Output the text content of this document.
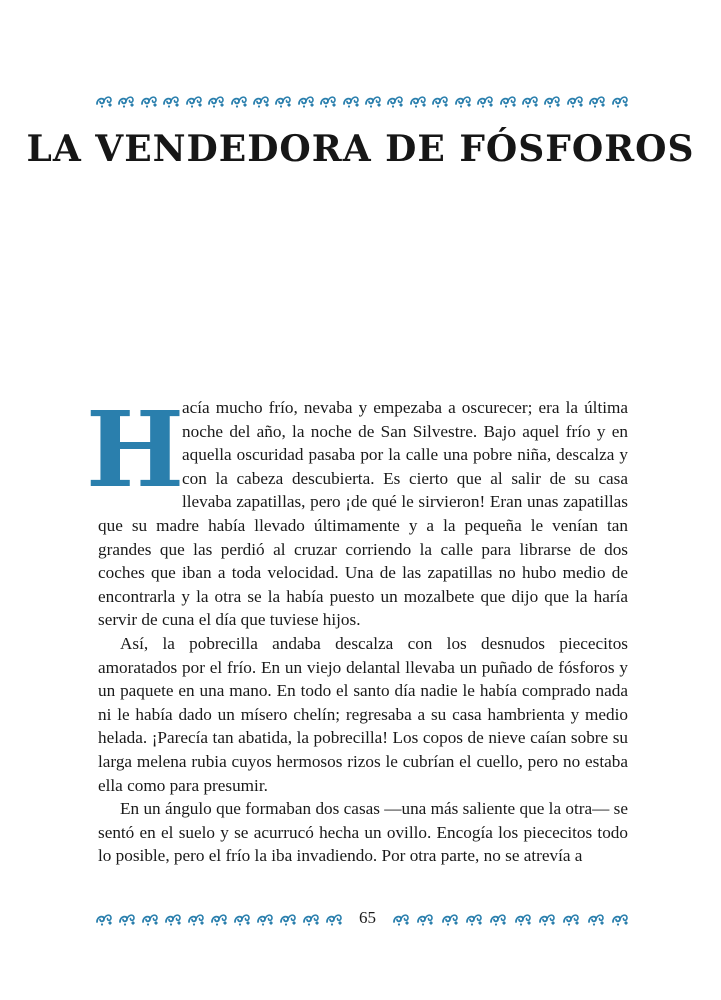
LA VENDEDORA DE FÓSFOROS

H
acía mucho frío, nevaba y empezaba a oscurecer; era la última noche del año, la noche de San Silvestre. Bajo aquel frío y en aquella oscuridad pasaba por la calle una pobre niña, descalza y con la cabeza descubierta. Es cierto que al salir de su casa llevaba zapatillas, pero ¡de qué le sirvieron! Eran unas zapatillas que su madre había llevado últimamente y a la pequeña le venían tan grandes que las perdió al cruzar corriendo la calle para librarse de dos coches que iban a toda velocidad. Una de las zapatillas no hubo medio de encontrarla y la otra se la había puesto un mozalbete que dijo que la haría servir de cuna el día que tuviese hijos.

Así, la pobrecilla andaba descalza con los desnudos piececitos amoratados por el frío. En un viejo delantal llevaba un puñado de fósforos y un paquete en una mano. En todo el santo día nadie le había comprado nada ni le había dado un mísero chelín; regresaba a su casa hambrienta y medio helada. ¡Parecía tan abatida, la pobrecilla! Los copos de nieve caían sobre su larga melena rubia cuyos hermosos rizos le cubrían el cuello, pero no estaba ella como para presumir.

En un ángulo que formaban dos casas —una más saliente que la otra— se sentó en el suelo y se acurrucó hecha un ovillo. Encogía los piececitos todo lo posible, pero el frío la iba invadiendo. Por otra parte, no se atrevía a

65
